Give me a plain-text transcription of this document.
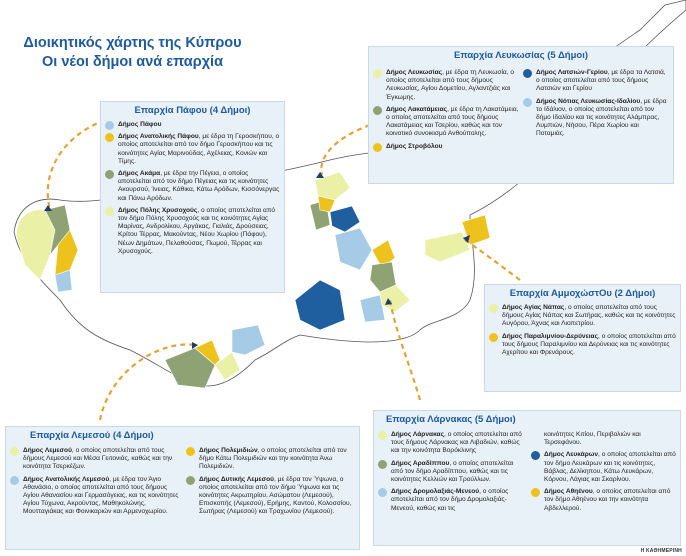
Διοικητικός χάρτης της Κύπρου
Οι νέοι δήμοι ανά επαρχία	Επαρχία Λευκωσίας (5 Δήμοι)
Δήμος Λευκωσίας, με έδρα τη Λευκωσία, ο οποίος αποτελείται από τους δήμους Λευκωσίας, Αγίου Δομετίου, Αγλαντζιάς και Έγκωμης.
Δήμος Λακατάμειας, με έδρα τη Λακατάμεια, ο οποίος αποτελείται από τους δήμους Λακατάμειας και Τσερίου, καθώς και τον κοινοτικό συνοικισμό Ανθούπολης.
Δήμος Στροβόλου
Δήμος Λατσιών-Γερίου, με έδρα τα Λατσιά, ο οποίος αποτελείται από τους δήμους Λατσιών και Γερίου
Δήμος Νότιας Λευκωσίας-Ιδαλίου, με έδρα το Ιδάλιον, ο οποίος αποτελείται από τον δήμο Ιδαλίου και τις κοινότητες Αλάμπρας, Λυμπιών, Νήσου, Πέρα Χωρίου και Ποταμιάς.
Επαρχία Πάφου (4 Δήμοι)
Δήμος Πάφου
Δήμος Ανατολικής Πάφου, με έδρα τη Γεροσκήπου, ο οποίος αποτελείται από τον δήμο Γεροσκήπου και τις κοινότητες Αγίας Μαρινούδας, Αχέλειας, Κονιών και Τίμης.
Δήμος Ακάμα, με έδρα την Πέγεια, ο οποίος αποτελείται από τον δήμο Πέγειας και τις κοινότητες Ακουρσού, Ίνειας, Κάθικα, Κάτω Αρόδων, Κισσόνεργας και Πάνω Αρόδων.
Δήμος Πόλης Χρυσοχούς, ο οποίος αποτελείται από τον δήμο Πόλης Χρυσοχούς και τις κοινότητες Αγίας Μαρίνας, Ανδρολίκου, Αργάκας, Γιαλιάς, Δρούσειας, Κρίτου Τέρρας, Μακούντας, Νέου Χωρίου (Πάφου), Νέων Δημάτων, Πελαθούσας, Πωμού, Τέρρας και Χρυσοχούς.
Επαρχία ΑμμοχώστOυ (2 Δήμοι)
Δήμος Αγίας Νάπας, ο οποίος αποτελείται από τους δήμους Αγίας Νάπας και Σωτήρας, καθώς και τις κοινότητες Αυγόρου, Άχνας και Λιοπετρίου.
Δήμος Παραλιμνίου-Δερύνειας, ο οποίος αποτελείται από τους δήμους Παραλιμνίου και Δερύνειας και τις κοινότητες Αχερίτου και Φρενάρους.
Επαρχία Λεμεσού (4 Δήμοι)
Δήμος Λεμεσού, ο οποίος αποτελείται από τους δήμους Λεμεσού και Μέσα Γειτονιάς, καθώς και την κοινότητα Τσερκέζων.
Δήμος Ανατολικής Λεμεσού, με έδρα τον Άγιο Αθανάσιο, ο οποίος αποτελείται από τους δήμους Αγίου Αθανασίου και Γερμασόγειας, και τις κοινότητες Αγίου Τύχωνα, Ακρούντας, Μαθηκολώνης, Μουτταγιάκας και Φοινικαριών και Αρμενοχωρίου.
Δήμος Πολεμιδιών, ο οποίος αποτελείται από τον δήμο Κάτω Πολεμιδιών και την κοινότητα Άνω Πολεμιδιών.
Δήμος Δυτικής Λεμεσού, με έδρα τον Ύψωνα, ο οποίος αποτελείται από τον δήμο Ύψωνα και τις κοινότητες Ακρωτηρίου, Ασώματου (Λεμεσού), Επισκοπής (Λεμεσού), Ερήμης, Καντού, Κολοσσίου, Σωτήρας (Λεμεσού) και Τραχωνίου (Λεμεσού).
Επαρχία Λάρνακας (5 Δήμοι)
Δήμος Λάρνακας, ο οποίος αποτελείται από τους δήμους Λάρνακας και Λιβαδιών, καθώς και την κοινότητα Βορόκλινης
Δήμος Αραδίππου, ο οποίος αποτελείται από τον δήμο Αραδίππου, καθώς και τις κοινότητες Κελλιών και Τρούλλων.
Δήμος Δρομολαξιάς-Μενεού, ο οποίος αποτελείται από τον δήμο Δρομολαξιάς-Μενεού, καθώς και τις
κοινότητες Κιτίου, Περιβολιών και Τερσεφάνου.
Δήμος Λευκάρων, ο οποίος αποτελείται από τον δήμο Λευκάρων και τις κοινότητες, Βάβλας, Δελίκηπου, Κάτω Λευκάρων, Κόρνου, Λάγιας και Σκαρίνου.
Δήμος Αθηένου, ο οποίος αποτελείται από τον δήμο Αθηένου και την κοινότητα Αβδελλερού.
Η ΚΑΘΗΜΕΡΙΝΗ
